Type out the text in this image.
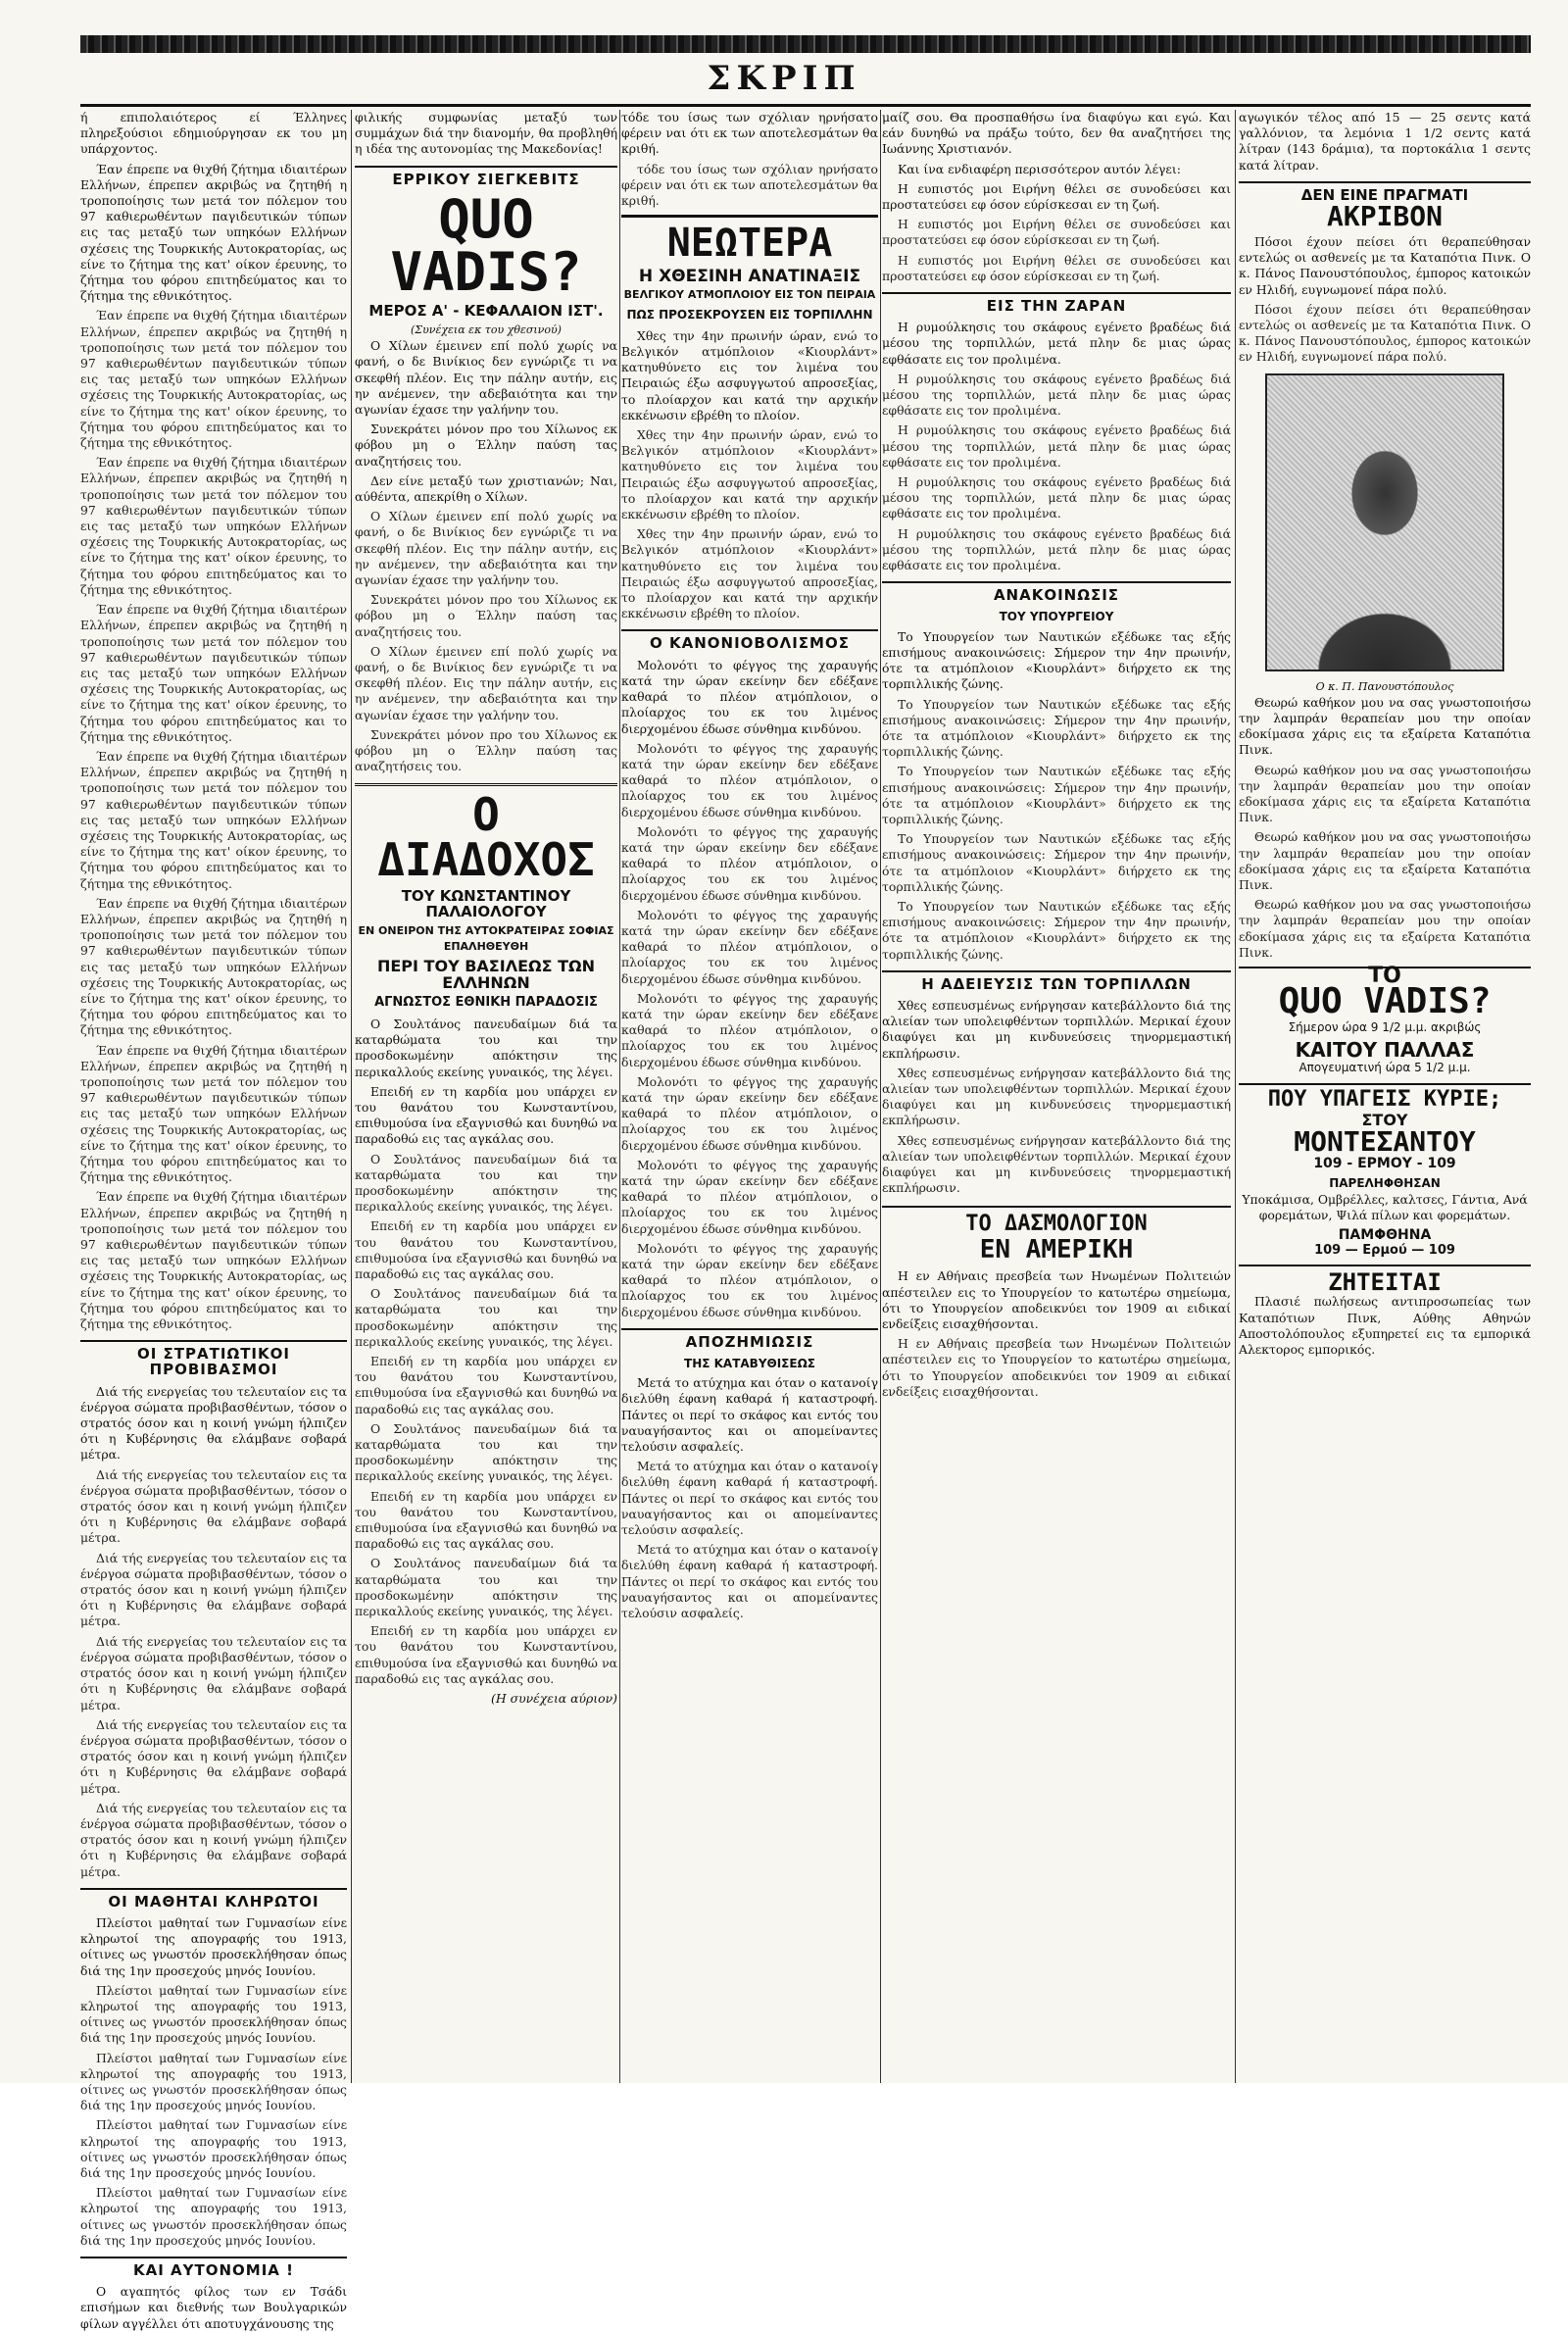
ΣΚΡΙΠ

ή επιπολαιότερος εί Έλληνες πληρεξούσιοι εδημιούργησαν εκ του μη υπάρχοντος.

Έαν έπρεπε να θιχθή ζήτημα ιδιαιτέρων Ελλήνων, έπρεπεν ακριβώς να ζητηθή η τροποποίησις των μετά τον πόλεμον του 97 καθιερωθέντων παγιδευτικών τύπων εις τας μεταξύ των υπηκόων Ελλήνων σχέσεις της Τουρκικής Αυτοκρατορίας, ως είνε το ζήτημα της κατ' οίκον έρευνης, το ζήτημα του φόρου επιτηδεύματος και το ζήτημα της εθνικότητος.

Έαν έπρεπε να θιχθή ζήτημα ιδιαιτέρων Ελλήνων, έπρεπεν ακριβώς να ζητηθή η τροποποίησις των μετά τον πόλεμον του 97 καθιερωθέντων παγιδευτικών τύπων εις τας μεταξύ των υπηκόων Ελλήνων σχέσεις της Τουρκικής Αυτοκρατορίας, ως είνε το ζήτημα της κατ' οίκον έρευνης, το ζήτημα του φόρου επιτηδεύματος και το ζήτημα της εθνικότητος.

Έαν έπρεπε να θιχθή ζήτημα ιδιαιτέρων Ελλήνων, έπρεπεν ακριβώς να ζητηθή η τροποποίησις των μετά τον πόλεμον του 97 καθιερωθέντων παγιδευτικών τύπων εις τας μεταξύ των υπηκόων Ελλήνων σχέσεις της Τουρκικής Αυτοκρατορίας, ως είνε το ζήτημα της κατ' οίκον έρευνης, το ζήτημα του φόρου επιτηδεύματος και το ζήτημα της εθνικότητος.

Έαν έπρεπε να θιχθή ζήτημα ιδιαιτέρων Ελλήνων, έπρεπεν ακριβώς να ζητηθή η τροποποίησις των μετά τον πόλεμον του 97 καθιερωθέντων παγιδευτικών τύπων εις τας μεταξύ των υπηκόων Ελλήνων σχέσεις της Τουρκικής Αυτοκρατορίας, ως είνε το ζήτημα της κατ' οίκον έρευνης, το ζήτημα του φόρου επιτηδεύματος και το ζήτημα της εθνικότητος.

Έαν έπρεπε να θιχθή ζήτημα ιδιαιτέρων Ελλήνων, έπρεπεν ακριβώς να ζητηθή η τροποποίησις των μετά τον πόλεμον του 97 καθιερωθέντων παγιδευτικών τύπων εις τας μεταξύ των υπηκόων Ελλήνων σχέσεις της Τουρκικής Αυτοκρατορίας, ως είνε το ζήτημα της κατ' οίκον έρευνης, το ζήτημα του φόρου επιτηδεύματος και το ζήτημα της εθνικότητος.

Έαν έπρεπε να θιχθή ζήτημα ιδιαιτέρων Ελλήνων, έπρεπεν ακριβώς να ζητηθή η τροποποίησις των μετά τον πόλεμον του 97 καθιερωθέντων παγιδευτικών τύπων εις τας μεταξύ των υπηκόων Ελλήνων σχέσεις της Τουρκικής Αυτοκρατορίας, ως είνε το ζήτημα της κατ' οίκον έρευνης, το ζήτημα του φόρου επιτηδεύματος και το ζήτημα της εθνικότητος.

Έαν έπρεπε να θιχθή ζήτημα ιδιαιτέρων Ελλήνων, έπρεπεν ακριβώς να ζητηθή η τροποποίησις των μετά τον πόλεμον του 97 καθιερωθέντων παγιδευτικών τύπων εις τας μεταξύ των υπηκόων Ελλήνων σχέσεις της Τουρκικής Αυτοκρατορίας, ως είνε το ζήτημα της κατ' οίκον έρευνης, το ζήτημα του φόρου επιτηδεύματος και το ζήτημα της εθνικότητος.

Έαν έπρεπε να θιχθή ζήτημα ιδιαιτέρων Ελλήνων, έπρεπεν ακριβώς να ζητηθή η τροποποίησις των μετά τον πόλεμον του 97 καθιερωθέντων παγιδευτικών τύπων εις τας μεταξύ των υπηκόων Ελλήνων σχέσεις της Τουρκικής Αυτοκρατορίας, ως είνε το ζήτημα της κατ' οίκον έρευνης, το ζήτημα του φόρου επιτηδεύματος και το ζήτημα της εθνικότητος.

ΟΙ ΣΤΡΑΤΙΩΤΙΚΟΙ ΠΡΟΒΙΒΑΣΜΟΙ

Διά τής ενεργείας του τελευταίον εις τα ένέργοα σώματα προβιβασθέντων, τόσον ο στρατός όσον και η κοινή γνώμη ήλπιζεν ότι η Κυβέρνησις θα ελάμβανε σοβαρά μέτρα.

Διά τής ενεργείας του τελευταίον εις τα ένέργοα σώματα προβιβασθέντων, τόσον ο στρατός όσον και η κοινή γνώμη ήλπιζεν ότι η Κυβέρνησις θα ελάμβανε σοβαρά μέτρα.

Διά τής ενεργείας του τελευταίον εις τα ένέργοα σώματα προβιβασθέντων, τόσον ο στρατός όσον και η κοινή γνώμη ήλπιζεν ότι η Κυβέρνησις θα ελάμβανε σοβαρά μέτρα.

Διά τής ενεργείας του τελευταίον εις τα ένέργοα σώματα προβιβασθέντων, τόσον ο στρατός όσον και η κοινή γνώμη ήλπιζεν ότι η Κυβέρνησις θα ελάμβανε σοβαρά μέτρα.

Διά τής ενεργείας του τελευταίον εις τα ένέργοα σώματα προβιβασθέντων, τόσον ο στρατός όσον και η κοινή γνώμη ήλπιζεν ότι η Κυβέρνησις θα ελάμβανε σοβαρά μέτρα.

Διά τής ενεργείας του τελευταίον εις τα ένέργοα σώματα προβιβασθέντων, τόσον ο στρατός όσον και η κοινή γνώμη ήλπιζεν ότι η Κυβέρνησις θα ελάμβανε σοβαρά μέτρα.

ΟΙ ΜΑΘΗΤΑΙ ΚΛΗΡΩΤΟΙ

Πλείστοι μαθηταί των Γυμνασίων είνε κληρωτοί της απογραφής του 1913, οίτινες ως γνωστόν προσεκλήθησαν όπως διά της 1ην προσεχούς μηνός Ιουνίου.

Πλείστοι μαθηταί των Γυμνασίων είνε κληρωτοί της απογραφής του 1913, οίτινες ως γνωστόν προσεκλήθησαν όπως διά της 1ην προσεχούς μηνός Ιουνίου.

Πλείστοι μαθηταί των Γυμνασίων είνε κληρωτοί της απογραφής του 1913, οίτινες ως γνωστόν προσεκλήθησαν όπως διά της 1ην προσεχούς μηνός Ιουνίου.

Πλείστοι μαθηταί των Γυμνασίων είνε κληρωτοί της απογραφής του 1913, οίτινες ως γνωστόν προσεκλήθησαν όπως διά της 1ην προσεχούς μηνός Ιουνίου.

Πλείστοι μαθηταί των Γυμνασίων είνε κληρωτοί της απογραφής του 1913, οίτινες ως γνωστόν προσεκλήθησαν όπως διά της 1ην προσεχούς μηνός Ιουνίου.

ΚΑΙ ΑΥΤΟΝΟΜΙΑ !

Ο αγαπητός φίλος των εν Τσάδι επισήμων και διεθνής των Βουλγαρικών φίλων αγγέλλει ότι αποτυγχάνουσης της

φιλικής συμφωνίας μεταξύ των συμμάχων διά την διανομήν, θα προβληθή η ιδέα της αυτονομίας της Μακεδονίας!

ΕΡΡΙΚΟΥ ΣΙΕΓΚΕΒΙΤΣ
QUO VADIS?
ΜΕΡΟΣ Α' - ΚΕΦΑΛΑΙΟΝ ΙΣΤ'.
(Συνέχεια εκ του χθεσινού)

Ο Χίλων έμεινεν επί πολύ χωρίς να φανή, ο δε Βινίκιος δεν εγνώριζε τι να σκεφθή πλέον. Εις την πάλην αυτήν, εις ην ανέμενεν, την αδεβαιότητα και την αγωνίαν έχασε την γαλήνην του.

Συνεκράτει μόνον προ του Χίλωνος εκ φόβου μη ο Έλλην παύση τας αναζητήσεις του.

Δεν είνε μεταξύ των χριστιανών; Ναι, αύθέντα, απεκρίθη ο Χίλων.

Ο Χίλων έμεινεν επί πολύ χωρίς να φανή, ο δε Βινίκιος δεν εγνώριζε τι να σκεφθή πλέον. Εις την πάλην αυτήν, εις ην ανέμενεν, την αδεβαιότητα και την αγωνίαν έχασε την γαλήνην του.

Συνεκράτει μόνον προ του Χίλωνος εκ φόβου μη ο Έλλην παύση τας αναζητήσεις του.

Ο Χίλων έμεινεν επί πολύ χωρίς να φανή, ο δε Βινίκιος δεν εγνώριζε τι να σκεφθή πλέον. Εις την πάλην αυτήν, εις ην ανέμενεν, την αδεβαιότητα και την αγωνίαν έχασε την γαλήνην του.

Συνεκράτει μόνον προ του Χίλωνος εκ φόβου μη ο Έλλην παύση τας αναζητήσεις του.

Ο ΔΙΑΔΟΧΟΣ
ΤΟΥ ΚΩΝΣΤΑΝΤΙΝΟΥ ΠΑΛΑΙΟΛΟΓΟΥ
ΕΝ ΟΝΕΙΡΟΝ ΤΗΣ ΑΥΤΟΚΡΑΤΕΙΡΑΣ ΣΟΦΙΑΣ ΕΠΑΛΗΘΕΥΘΗ
ΠΕΡΙ ΤΟΥ ΒΑΣΙΛΕΩΣ ΤΩΝ ΕΛΛΗΝΩΝ
ΑΓΝΩΣΤΟΣ ΕΘΝΙΚΗ ΠΑΡΑΔΟΣΙΣ

Ο Σουλτάνος πανευδαίμων διά τα καταρθώματα του και την προσδοκωμένην απόκτησιν της περικαλλούς εκείνης γυναικός, της λέγει.

Επειδή εν τη καρδία μου υπάρχει εν του θανάτου του Κωνσταντίνου, επιθυμούσα ίνα εξαγνισθώ και δυνηθώ να παραδοθώ εις τας αγκάλας σου.

Ο Σουλτάνος πανευδαίμων διά τα καταρθώματα του και την προσδοκωμένην απόκτησιν της περικαλλούς εκείνης γυναικός, της λέγει.

Επειδή εν τη καρδία μου υπάρχει εν του θανάτου του Κωνσταντίνου, επιθυμούσα ίνα εξαγνισθώ και δυνηθώ να παραδοθώ εις τας αγκάλας σου.

Ο Σουλτάνος πανευδαίμων διά τα καταρθώματα του και την προσδοκωμένην απόκτησιν της περικαλλούς εκείνης γυναικός, της λέγει.

Επειδή εν τη καρδία μου υπάρχει εν του θανάτου του Κωνσταντίνου, επιθυμούσα ίνα εξαγνισθώ και δυνηθώ να παραδοθώ εις τας αγκάλας σου.

Ο Σουλτάνος πανευδαίμων διά τα καταρθώματα του και την προσδοκωμένην απόκτησιν της περικαλλούς εκείνης γυναικός, της λέγει.

Επειδή εν τη καρδία μου υπάρχει εν του θανάτου του Κωνσταντίνου, επιθυμούσα ίνα εξαγνισθώ και δυνηθώ να παραδοθώ εις τας αγκάλας σου.

Ο Σουλτάνος πανευδαίμων διά τα καταρθώματα του και την προσδοκωμένην απόκτησιν της περικαλλούς εκείνης γυναικός, της λέγει.

Επειδή εν τη καρδία μου υπάρχει εν του θανάτου του Κωνσταντίνου, επιθυμούσα ίνα εξαγνισθώ και δυνηθώ να παραδοθώ εις τας αγκάλας σου.

(Η συνέχεια αύριον)

τόδε του ίσως των σχόλιαν ηρνήσατο φέρειν ναι ότι εκ των αποτελεσμάτων θα κριθή.

τόδε του ίσως των σχόλιαν ηρνήσατο φέρειν ναι ότι εκ των αποτελεσμάτων θα κριθή.

ΝΕΩΤΕΡΑ
Η ΧΘΕΣΙΝΗ ΑΝΑΤΙΝΑΞΙΣ
ΒΕΛΓΙΚΟΥ ΑΤΜΟΠΛΟΙΟΥ ΕΙΣ ΤΟΝ ΠΕΙΡΑΙΑ
ΠΩΣ ΠΡΟΣΕΚΡΟΥΣΕΝ ΕΙΣ ΤΟΡΠΙΛΛΗΝ

Χθες την 4ην πρωινήν ώραν, ενώ το Βελγικόν ατμόπλοιον «Κιουρλάντ» κατηυθύνετο εις τον λιμένα του Πειραιώς έξω ασφυγγωτού απροσεξίας, το πλοίαρχον και κατά την αρχικήν εκκένωσιν εβρέθη το πλοίον.

Χθες την 4ην πρωινήν ώραν, ενώ το Βελγικόν ατμόπλοιον «Κιουρλάντ» κατηυθύνετο εις τον λιμένα του Πειραιώς έξω ασφυγγωτού απροσεξίας, το πλοίαρχον και κατά την αρχικήν εκκένωσιν εβρέθη το πλοίον.

Χθες την 4ην πρωινήν ώραν, ενώ το Βελγικόν ατμόπλοιον «Κιουρλάντ» κατηυθύνετο εις τον λιμένα του Πειραιώς έξω ασφυγγωτού απροσεξίας, το πλοίαρχον και κατά την αρχικήν εκκένωσιν εβρέθη το πλοίον.

Ο ΚΑΝΟΝΙΟΒΟΛΙΣΜΟΣ

Μολονότι το φέγγος της χαραυγής κατά την ώραν εκείνην δεν εδέξανε καθαρά το πλέον ατμόπλοιον, ο πλοίαρχος του εκ του λιμένος διερχομένου έδωσε σύνθημα κινδύνου.

Μολονότι το φέγγος της χαραυγής κατά την ώραν εκείνην δεν εδέξανε καθαρά το πλέον ατμόπλοιον, ο πλοίαρχος του εκ του λιμένος διερχομένου έδωσε σύνθημα κινδύνου.

Μολονότι το φέγγος της χαραυγής κατά την ώραν εκείνην δεν εδέξανε καθαρά το πλέον ατμόπλοιον, ο πλοίαρχος του εκ του λιμένος διερχομένου έδωσε σύνθημα κινδύνου.

Μολονότι το φέγγος της χαραυγής κατά την ώραν εκείνην δεν εδέξανε καθαρά το πλέον ατμόπλοιον, ο πλοίαρχος του εκ του λιμένος διερχομένου έδωσε σύνθημα κινδύνου.

Μολονότι το φέγγος της χαραυγής κατά την ώραν εκείνην δεν εδέξανε καθαρά το πλέον ατμόπλοιον, ο πλοίαρχος του εκ του λιμένος διερχομένου έδωσε σύνθημα κινδύνου.

Μολονότι το φέγγος της χαραυγής κατά την ώραν εκείνην δεν εδέξανε καθαρά το πλέον ατμόπλοιον, ο πλοίαρχος του εκ του λιμένος διερχομένου έδωσε σύνθημα κινδύνου.

Μολονότι το φέγγος της χαραυγής κατά την ώραν εκείνην δεν εδέξανε καθαρά το πλέον ατμόπλοιον, ο πλοίαρχος του εκ του λιμένος διερχομένου έδωσε σύνθημα κινδύνου.

Μολονότι το φέγγος της χαραυγής κατά την ώραν εκείνην δεν εδέξανε καθαρά το πλέον ατμόπλοιον, ο πλοίαρχος του εκ του λιμένος διερχομένου έδωσε σύνθημα κινδύνου.

ΑΠΟΖΗΜΙΩΣΙΣ
ΤΗΣ ΚΑΤΑΒΥΘΙΣΕΩΣ

Μετά το ατύχημα και όταν ο κατανοίγ διελύθη έφανη καθαρά ή καταστροφή. Πάντες οι περί το σκάφος και εντός του ναυαγήσαντος και οι απομείναντες τελούσιν ασφαλείς.

Μετά το ατύχημα και όταν ο κατανοίγ διελύθη έφανη καθαρά ή καταστροφή. Πάντες οι περί το σκάφος και εντός του ναυαγήσαντος και οι απομείναντες τελούσιν ασφαλείς.

Μετά το ατύχημα και όταν ο κατανοίγ διελύθη έφανη καθαρά ή καταστροφή. Πάντες οι περί το σκάφος και εντός του ναυαγήσαντος και οι απομείναντες τελούσιν ασφαλείς.

μαίζ σου. Θα προσπαθήσω ίνα διαφύγω και εγώ. Και εάν δυνηθώ να πράξω τούτο, δεν θα αναζητήσει της Ιωάννης Χριστιανόν.

Και ίνα ενδιαφέρη περισσότερον αυτόν λέγει:

Η ευπιστός μοι Ειρήνη θέλει σε συνοδεύσει και προστατεύσει εφ όσον εύρίσκεσαι εν τη ζωή.

Η ευπιστός μοι Ειρήνη θέλει σε συνοδεύσει και προστατεύσει εφ όσον εύρίσκεσαι εν τη ζωή.

Η ευπιστός μοι Ειρήνη θέλει σε συνοδεύσει και προστατεύσει εφ όσον εύρίσκεσαι εν τη ζωή.

ΕΙΣ ΤΗΝ ΖΑΡΑΝ

Η ρυμούλκησις του σκάφους εγένετο βραδέως διά μέσου της τορπιλλών, μετά πλην δε μιας ώρας εφθάσατε εις τον προλιμένα.

Η ρυμούλκησις του σκάφους εγένετο βραδέως διά μέσου της τορπιλλών, μετά πλην δε μιας ώρας εφθάσατε εις τον προλιμένα.

Η ρυμούλκησις του σκάφους εγένετο βραδέως διά μέσου της τορπιλλών, μετά πλην δε μιας ώρας εφθάσατε εις τον προλιμένα.

Η ρυμούλκησις του σκάφους εγένετο βραδέως διά μέσου της τορπιλλών, μετά πλην δε μιας ώρας εφθάσατε εις τον προλιμένα.

Η ρυμούλκησις του σκάφους εγένετο βραδέως διά μέσου της τορπιλλών, μετά πλην δε μιας ώρας εφθάσατε εις τον προλιμένα.

ΑΝΑΚΟΙΝΩΣΙΣ
ΤΟΥ ΥΠΟΥΡΓΕΙΟΥ

Το Υπουργείον των Ναυτικών εξέδωκε τας εξής επισήμους ανακοινώσεις: Σήμερον την 4ην πρωινήν, ότε τα ατμόπλοιον «Κιουρλάντ» διήρχετο εκ της τορπιλλικής ζώνης.

Το Υπουργείον των Ναυτικών εξέδωκε τας εξής επισήμους ανακοινώσεις: Σήμερον την 4ην πρωινήν, ότε τα ατμόπλοιον «Κιουρλάντ» διήρχετο εκ της τορπιλλικής ζώνης.

Το Υπουργείον των Ναυτικών εξέδωκε τας εξής επισήμους ανακοινώσεις: Σήμερον την 4ην πρωινήν, ότε τα ατμόπλοιον «Κιουρλάντ» διήρχετο εκ της τορπιλλικής ζώνης.

Το Υπουργείον των Ναυτικών εξέδωκε τας εξής επισήμους ανακοινώσεις: Σήμερον την 4ην πρωινήν, ότε τα ατμόπλοιον «Κιουρλάντ» διήρχετο εκ της τορπιλλικής ζώνης.

Το Υπουργείον των Ναυτικών εξέδωκε τας εξής επισήμους ανακοινώσεις: Σήμερον την 4ην πρωινήν, ότε τα ατμόπλοιον «Κιουρλάντ» διήρχετο εκ της τορπιλλικής ζώνης.

Η ΑΔΕΙΕΥΣΙΣ ΤΩΝ ΤΟΡΠΙΛΛΩΝ

Χθες εσπευσμένως ενήργησαν κατεβάλλοντο διά της αλιείαν των υπολειφθέντων τορπιλλών. Μερικαί έχουν διαφύγει και μη κινδυνεύσεις τηνορμεμαστική εκπλήρωσιν.

Χθες εσπευσμένως ενήργησαν κατεβάλλοντο διά της αλιείαν των υπολειφθέντων τορπιλλών. Μερικαί έχουν διαφύγει και μη κινδυνεύσεις τηνορμεμαστική εκπλήρωσιν.

Χθες εσπευσμένως ενήργησαν κατεβάλλοντο διά της αλιείαν των υπολειφθέντων τορπιλλών. Μερικαί έχουν διαφύγει και μη κινδυνεύσεις τηνορμεμαστική εκπλήρωσιν.

ΤΟ ΔΑΣΜΟΛΟΓΙΟΝ
ΕΝ ΑΜΕΡΙΚΗ

Η εν Αθήναις πρεσβεία των Ηνωμένων Πολιτειών απέστειλεν εις το Υπουργείον το κατωτέρω σημείωμα, ότι το Υπουργείον αποδεικνύει τον 1909 αι ειδικαί ενδείξεις εισαχθήσονται.

Η εν Αθήναις πρεσβεία των Ηνωμένων Πολιτειών απέστειλεν εις το Υπουργείον το κατωτέρω σημείωμα, ότι το Υπουργείον αποδεικνύει τον 1909 αι ειδικαί ενδείξεις εισαχθήσονται.

αγωγικόν τέλος από 15 — 25 σεντς κατά γαλλόνιον, τα λεμόνια 1 1/2 σεντς κατά λίτραν (143 δράμια), τα πορτοκάλια 1 σεντς κατά λίτραν.

ΔΕΝ ΕΙΝΕ ΠΡΑΓΜΑΤΙ
ΑΚΡΙΒΟΝ

Πόσοι έχουν πείσει ότι θεραπεύθησαν εντελώς οι ασθενείς με τα Καταπότια Πινκ. Ο κ. Πάνος Πανουστόπουλος, έμπορος κατοικών εν Ηλιδή, ευγνωμονεί πάρα πολύ.

Πόσοι έχουν πείσει ότι θεραπεύθησαν εντελώς οι ασθενείς με τα Καταπότια Πινκ. Ο κ. Πάνος Πανουστόπουλος, έμπορος κατοικών εν Ηλιδή, ευγνωμονεί πάρα πολύ.

Ο κ. Π. Πανουστόπουλος

Θεωρώ καθήκον μου να σας γνωστοποιήσω την λαμπράν θεραπείαν μου την οποίαν εδοκίμασα χάρις εις τα εξαίρετα Καταπότια Πινκ.

Θεωρώ καθήκον μου να σας γνωστοποιήσω την λαμπράν θεραπείαν μου την οποίαν εδοκίμασα χάρις εις τα εξαίρετα Καταπότια Πινκ.

Θεωρώ καθήκον μου να σας γνωστοποιήσω την λαμπράν θεραπείαν μου την οποίαν εδοκίμασα χάρις εις τα εξαίρετα Καταπότια Πινκ.

Θεωρώ καθήκον μου να σας γνωστοποιήσω την λαμπράν θεραπείαν μου την οποίαν εδοκίμασα χάρις εις τα εξαίρετα Καταπότια Πινκ.

ΤΟ
QUO VADIS?
Σήμερον ώρα 9 1/2 μ.μ. ακριβώς
ΚΑΙΤΟΥ ΠΑΛΛΑΣ
Απογευματινή ώρα 5 1/2 μ.μ.
ΠΟΥ ΥΠΑΓΕΙΣ ΚΥΡΙΕ;
ΣΤΟΥ
ΜΟΝΤΕΣΑΝΤΟΥ
109 - ΕΡΜΟΥ - 109
ΠΑΡΕΛΗΦΘΗΣΑΝ

Υποκάμισα, Ομβρέλλες, καλτσες, Γάντια, Ανά φορεμάτων, Ψιλά πίλων και φορεμάτων.

ΠΑΜΦΘΗΝΑ
109 — Ερμού — 109
ΖΗΤΕΙΤΑΙ

Πλασιέ πωλήσεως αντιπροσωπείας των Καταπότιων Πινκ, Αύθης Αθηνών Αποστολόπουλος εξυπηρετεί εις τα εμπορικά Αλεκτορος εμπορικός.
